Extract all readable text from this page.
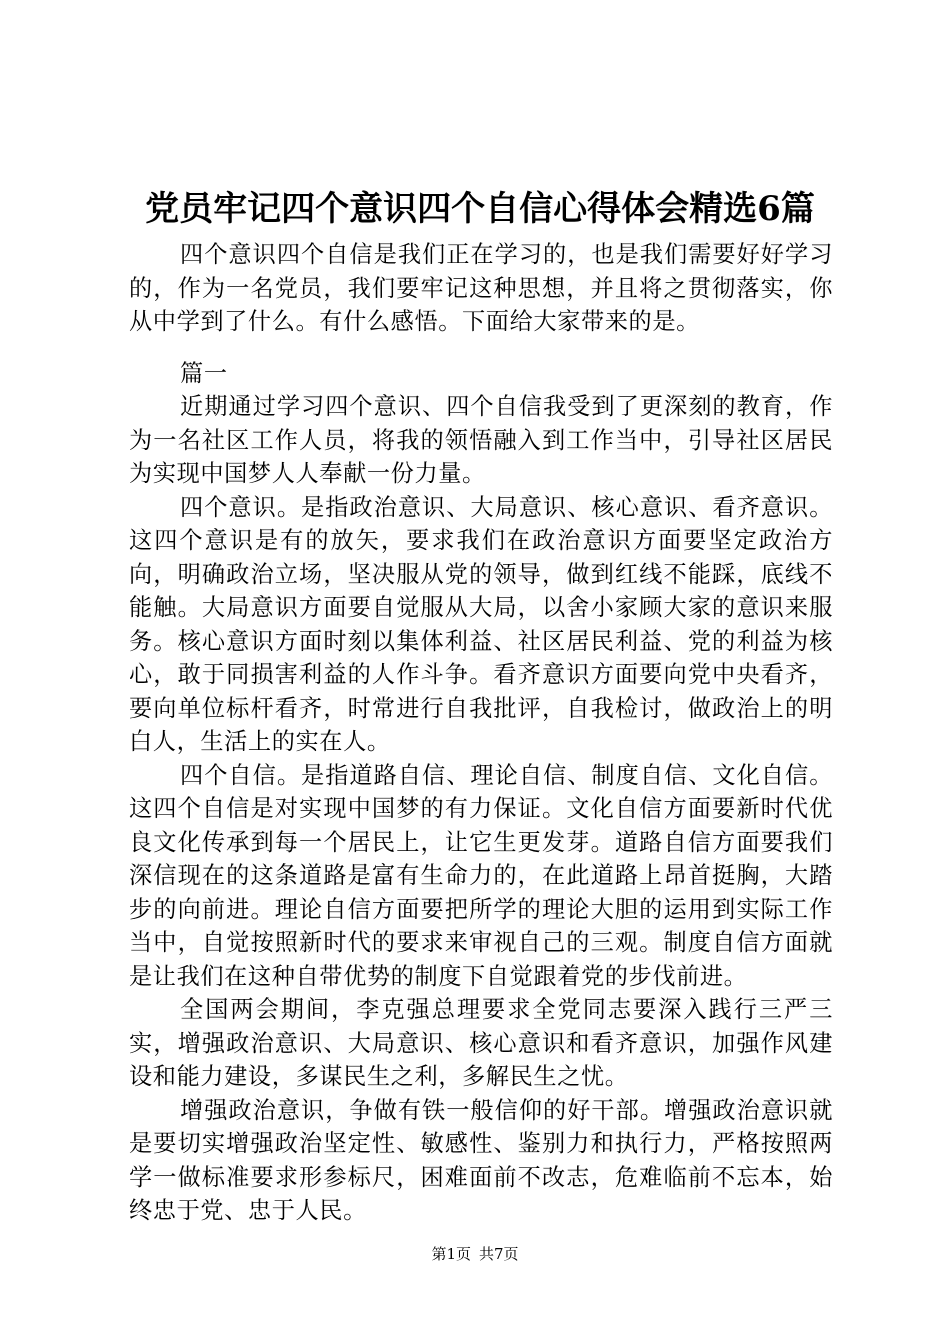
党员牢记四个意识四个自信心得体会精选6篇

四个意识四个自信是我们正在学习的，也是我们需要好好学习的，作为一名党员，我们要牢记这种思想，并且将之贯彻落实，你从中学到了什么。有什么感悟。下面给大家带来的是。

篇一

近期通过学习四个意识、四个自信我受到了更深刻的教育，作为一名社区工作人员，将我的领悟融入到工作当中，引导社区居民为实现中国梦人人奉献一份力量。

四个意识。是指政治意识、大局意识、核心意识、看齐意识。这四个意识是有的放矢，要求我们在政治意识方面要坚定政治方向，明确政治立场，坚决服从党的领导，做到红线不能踩，底线不能触。大局意识方面要自觉服从大局，以舍小家顾大家的意识来服务。核心意识方面时刻以集体利益、社区居民利益、党的利益为核心，敢于同损害利益的人作斗争。看齐意识方面要向党中央看齐，要向单位标杆看齐，时常进行自我批评，自我检讨，做政治上的明白人，生活上的实在人。

四个自信。是指道路自信、理论自信、制度自信、文化自信。这四个自信是对实现中国梦的有力保证。文化自信方面要新时代优良文化传承到每一个居民上，让它生更发芽。道路自信方面要我们深信现在的这条道路是富有生命力的，在此道路上昂首挺胸，大踏步的向前进。理论自信方面要把所学的理论大胆的运用到实际工作当中，自觉按照新时代的要求来审视自己的三观。制度自信方面就是让我们在这种自带优势的制度下自觉跟着党的步伐前进。

全国两会期间，李克强总理要求全党同志要深入践行三严三实，增强政治意识、大局意识、核心意识和看齐意识，加强作风建设和能力建设，多谋民生之利，多解民生之忧。

增强政治意识，争做有铁一般信仰的好干部。增强政治意识就是要切实增强政治坚定性、敏感性、鉴别力和执行力，严格按照两学一做标准要求形参标尺，困难面前不改志，危难临前不忘本，始终忠于党、忠于人民。

第1页 共7页
